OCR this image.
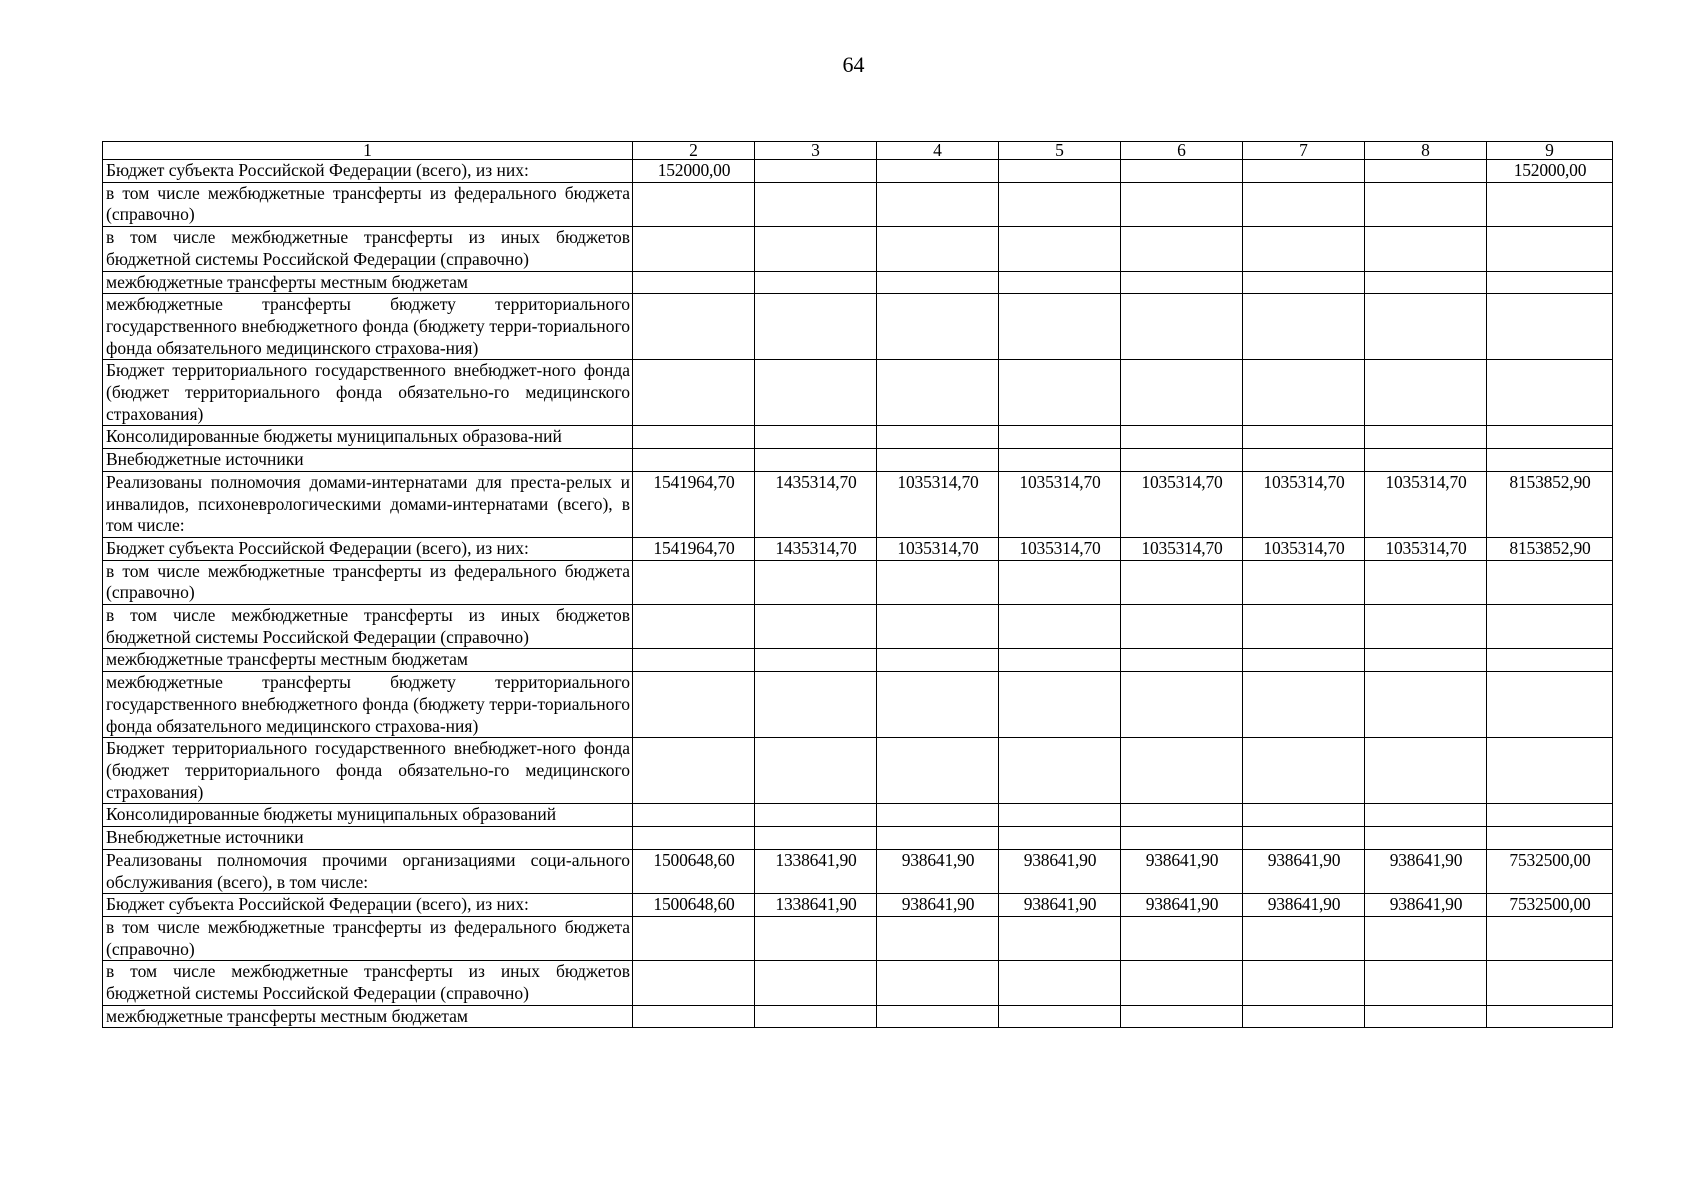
64
1	2	3	4	5	6	7	8	9
Бюджет субъекта Российской Федерации (всего), из них:	152000,00							152000,00
в том числе межбюджетные трансферты из федерального бюджета (справочно)								
в том числе межбюджетные трансферты из иных бюджетов бюджетной системы Российской Федерации (справочно)								
межбюджетные трансферты местным бюджетам								
межбюджетные трансферты бюджету территориального государственного внебюджетного фонда (бюджету терри-ториального фонда обязательного медицинского страхова-ния)								
Бюджет территориального государственного внебюджет-ного фонда (бюджет территориального фонда обязательно-го медицинского страхования)								
Консолидированные бюджеты муниципальных образова-ний								
Внебюджетные источники								
Реализованы полномочия домами-интернатами для преста-релых и инвалидов, психоневрологическими домами-интернатами (всего), в том числе:	1541964,70	1435314,70	1035314,70	1035314,70	1035314,70	1035314,70	1035314,70	8153852,90
Бюджет субъекта Российской Федерации (всего), из них:	1541964,70	1435314,70	1035314,70	1035314,70	1035314,70	1035314,70	1035314,70	8153852,90
в том числе межбюджетные трансферты из федерального бюджета (справочно)								
в том числе межбюджетные трансферты из иных бюджетов бюджетной системы Российской Федерации (справочно)								
межбюджетные трансферты местным бюджетам								
межбюджетные трансферты бюджету территориального государственного внебюджетного фонда (бюджету терри-ториального фонда обязательного медицинского страхова-ния)								
Бюджет территориального государственного внебюджет-ного фонда (бюджет территориального фонда обязательно-го медицинского страхования)								
Консолидированные бюджеты муниципальных образований								
Внебюджетные источники								
Реализованы полномочия прочими организациями соци-ального обслуживания (всего), в том числе:	1500648,60	1338641,90	938641,90	938641,90	938641,90	938641,90	938641,90	7532500,00
Бюджет субъекта Российской Федерации (всего), из них:	1500648,60	1338641,90	938641,90	938641,90	938641,90	938641,90	938641,90	7532500,00
в том числе межбюджетные трансферты из федерального бюджета (справочно)								
в том числе межбюджетные трансферты из иных бюджетов бюджетной системы Российской Федерации (справочно)								
межбюджетные трансферты местным бюджетам								
